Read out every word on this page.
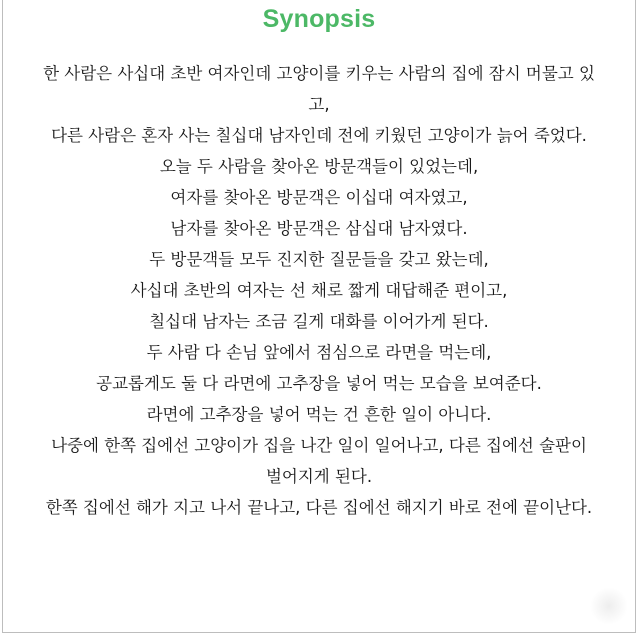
Synopsis
한 사람은 사십대 초반 여자인데 고양이를 키우는 사람의 집에 잠시 머물고 있고,
다른 사람은 혼자 사는 칠십대 남자인데 전에 키웠던 고양이가 늙어 죽었다.
오늘 두 사람을 찾아온 방문객들이 있었는데,
여자를 찾아온 방문객은 이십대 여자였고,
남자를 찾아온 방문객은 삼십대 남자였다.
두 방문객들 모두 진지한 질문들을 갖고 왔는데,
사십대 초반의 여자는 선 채로 짧게 대답해준 편이고,
칠십대 남자는 조금 길게 대화를 이어가게 된다.
두 사람 다 손님 앞에서 점심으로 라면을 먹는데,
공교롭게도 둘 다 라면에 고추장을 넣어 먹는 모습을 보여준다.
라면에 고추장을 넣어 먹는 건 흔한 일이 아니다.
나중에 한쪽 집에선 고양이가 집을 나간 일이 일어나고, 다른 집에선 술판이 벌어지게 된다.
한쪽 집에선 해가 지고 나서 끝나고, 다른 집에선 해지기 바로 전에 끝이난다.
